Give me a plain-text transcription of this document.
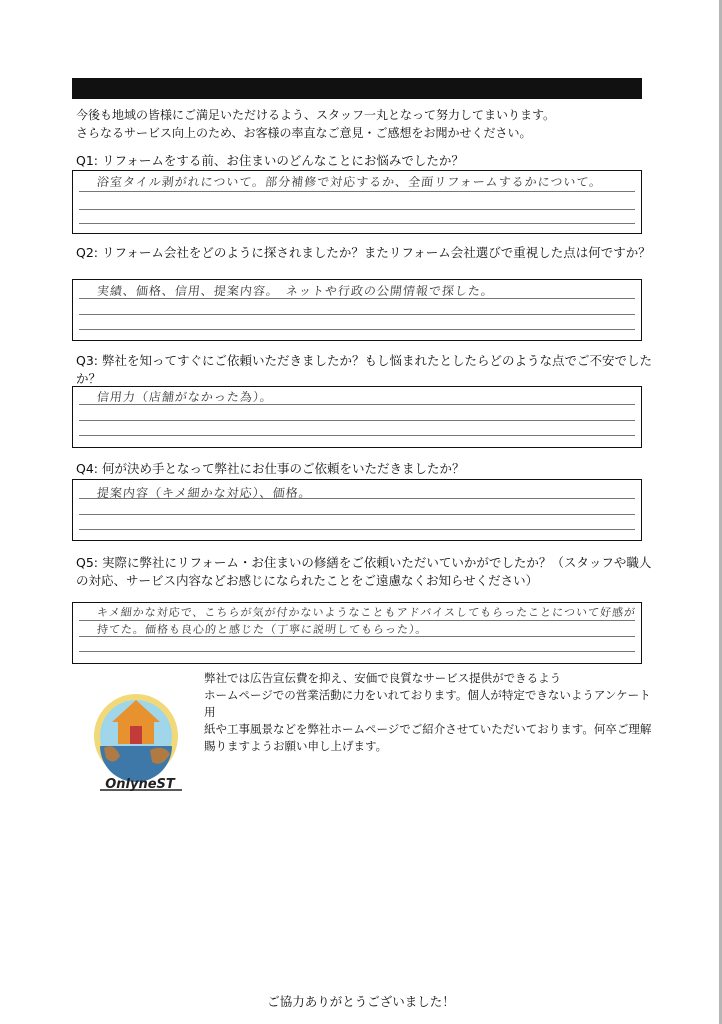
今後も地域の皆様にご満足いただけるよう、スタッフ一丸となって努力してまいります。

さらなるサービス向上のため、お客様の率直なご意見・ご感想をお聞かせください。

Q1: リフォームをする前、お住まいのどんなことにお悩みでしたか？
浴室タイル剥がれについて。部分補修で対応するか、全面リフォームするかについて。
Q2: リフォーム会社をどのように探されましたか？またリフォーム会社選びで重視した点は何ですか？
実績、価格、信用、提案内容。　ネットや行政の公開情報で探した。
Q3: 弊社を知ってすぐにご依頼いただきましたか？もし悩まれたとしたらどのような点でご不安でしたか？
信用力（店舗がなかった為）。
Q4: 何が決め手となって弊社にお仕事のご依頼をいただきましたか？
提案内容（キメ細かな対応）、価格。
Q5: 実際に弊社にリフォーム・お住まいの修繕をご依頼いただいていかがでしたか？（スタッフや職人の対応、サービス内容などお感じになられたことをご遠慮なくお知らせください）
キメ細かな対応で、こちらが気が付かないようなこともアドバイスしてもらったことについて好感が
持てた。価格も良心的と感じた（丁寧に説明してもらった）。
OnlyneST

弊社では広告宣伝費を抑え、安価で良質なサービス提供ができるよう

ホームページでの営業活動に力をいれております。個人が特定できないようアンケート用

紙や工事風景などを弊社ホームページでご紹介させていただいております。何卒ご理解

賜りますようお願い申し上げます。

ご協力ありがとうございました！
